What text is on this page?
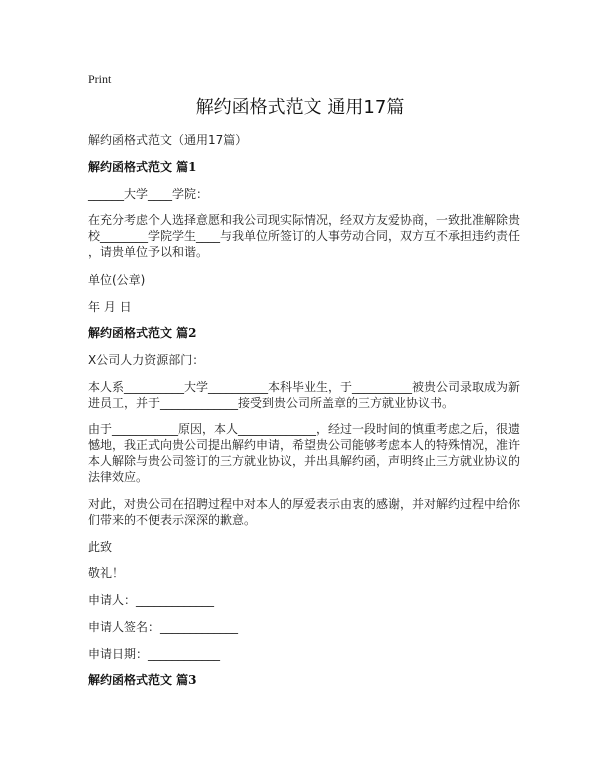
Print
解约函格式范文 通用17篇
解约函格式范文（通用17篇）
解约函格式范文 篇1
______大学____学院：
在充分考虑个人选择意愿和我公司现实际情况，经双方友爱协商，一致批准解除贵
校________学院学生____与我单位所签订的人事劳动合同，双方互不承担违约责任
，请贵单位予以和谐。
单位(公章)
年 月 日
解约函格式范文 篇2
X公司人力资源部门：
本人系__________大学__________本科毕业生，于__________被贵公司录取成为新
进员工，并于_____________接受到贵公司所盖章的三方就业协议书。
由于___________原因，本人_____________，经过一段时间的慎重考虑之后，很遗
憾地，我正式向贵公司提出解约申请，希望贵公司能够考虑本人的特殊情况，准许
本人解除与贵公司签订的三方就业协议，并出具解约函，声明终止三方就业协议的
法律效应。
对此，对贵公司在招聘过程中对本人的厚爱表示由衷的感谢，并对解约过程中给你
们带来的不便表示深深的歉意。
此致
敬礼！
申请人：_____________
申请人签名：_____________
申请日期：____________
解约函格式范文 篇3
